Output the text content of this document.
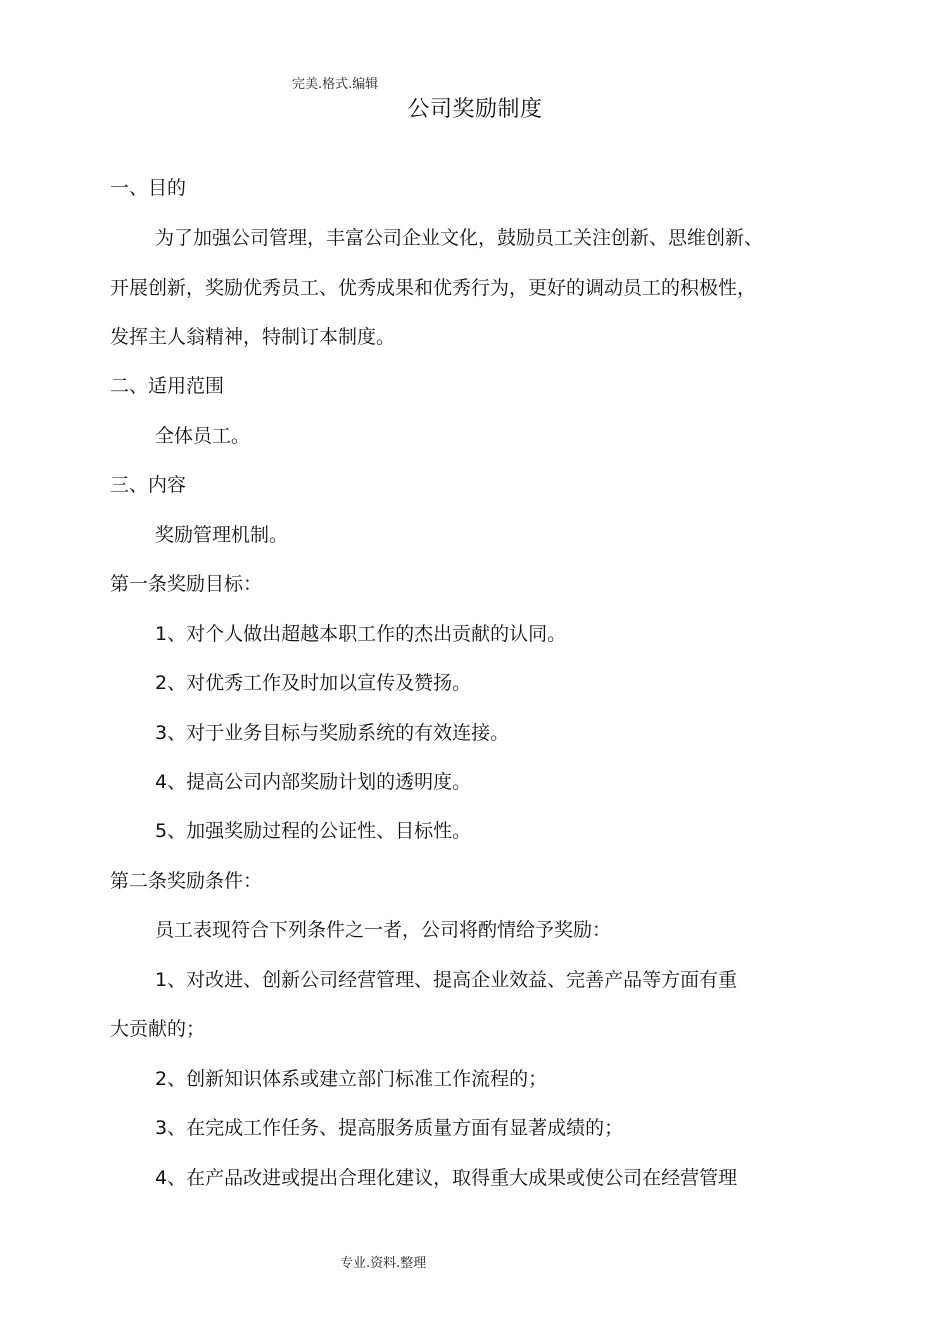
完美.格式.编辑
公司奖励制度
一、目的
为了加强公司管理，丰富公司企业文化，鼓励员工关注创新、思维创新、
开展创新，奖励优秀员工、优秀成果和优秀行为，更好的调动员工的积极性，
发挥主人翁精神，特制订本制度。
二、适用范围
全体员工。
三、内容
奖励管理机制。
第一条奖励目标：
1、对个人做出超越本职工作的杰出贡献的认同。
2、对优秀工作及时加以宣传及赞扬。
3、对于业务目标与奖励系统的有效连接。
4、提高公司内部奖励计划的透明度。
5、加强奖励过程的公证性、目标性。
第二条奖励条件：
员工表现符合下列条件之一者，公司将酌情给予奖励：
1、对改进、创新公司经营管理、提高企业效益、完善产品等方面有重
大贡献的；
2、创新知识体系或建立部门标准工作流程的；
3、在完成工作任务、提高服务质量方面有显著成绩的；
4、在产品改进或提出合理化建议，取得重大成果或使公司在经营管理
专业.资料.整理
